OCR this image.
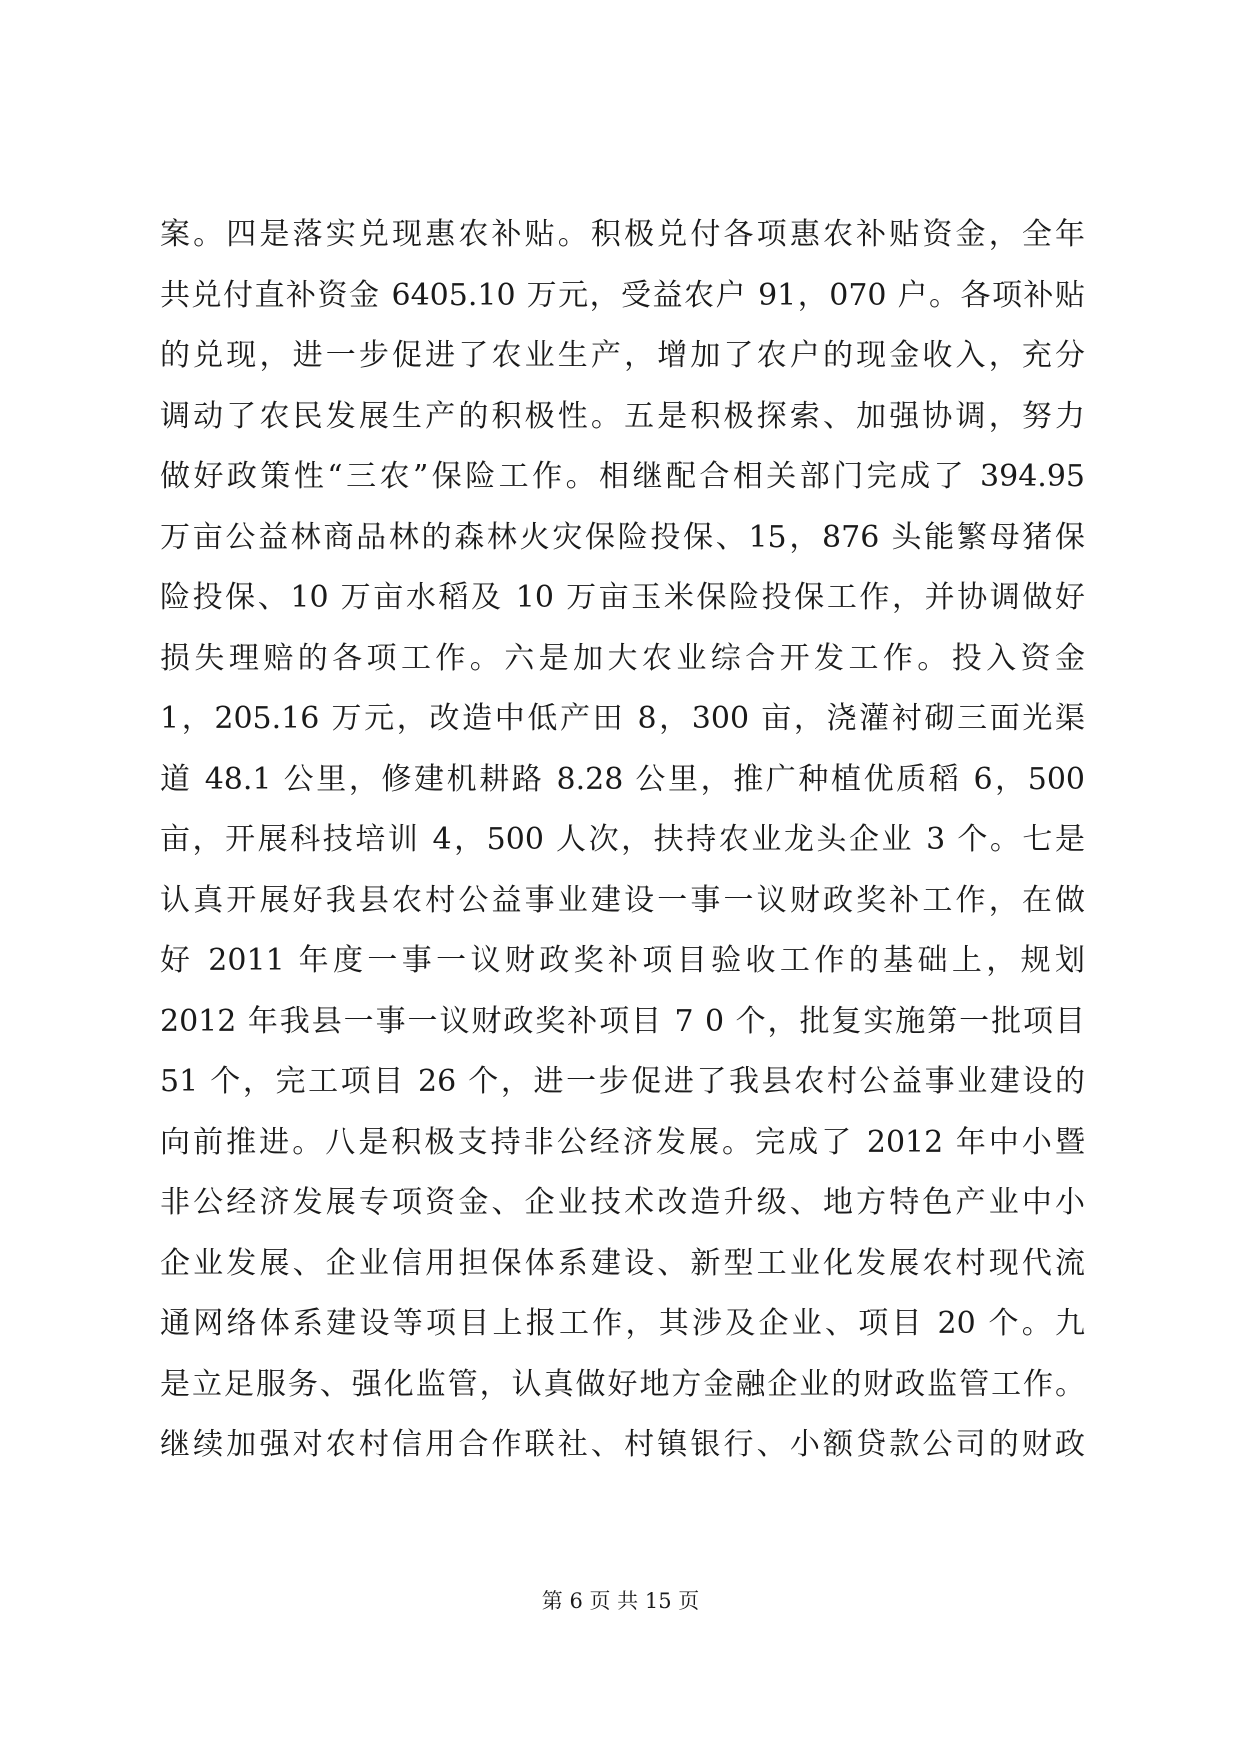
案。四是落实兑现惠农补贴。积极兑付各项惠农补贴资金，全年
共兑付直补资金 6405.10 万元，受益农户 91，070 户。各项补贴
的兑现，进一步促进了农业生产，增加了农户的现金收入，充分
调动了农民发展生产的积极性。五是积极探索、加强协调，努力
做好政策性“三农”保险工作。相继配合相关部门完成了 394.95
万亩公益林商品林的森林火灾保险投保、15，876 头能繁母猪保
险投保、10 万亩水稻及 10 万亩玉米保险投保工作，并协调做好
损失理赔的各项工作。六是加大农业综合开发工作。投入资金
1，205.16 万元，改造中低产田 8，300 亩，浇灌衬砌三面光渠
道 48.1 公里，修建机耕路 8.28 公里，推广种植优质稻 6，500
亩，开展科技培训 4，500 人次，扶持农业龙头企业 3 个。七是
认真开展好我县农村公益事业建设一事一议财政奖补工作，在做
好 2011 年度一事一议财政奖补项目验收工作的基础上，规划
2012 年我县一事一议财政奖补项目 7 0 个，批复实施第一批项目
51 个，完工项目 26 个，进一步促进了我县农村公益事业建设的
向前推进。八是积极支持非公经济发展。完成了 2012 年中小暨
非公经济发展专项资金、企业技术改造升级、地方特色产业中小
企业发展、企业信用担保体系建设、新型工业化发展农村现代流
通网络体系建设等项目上报工作，其涉及企业、项目 20 个。九
是立足服务、强化监管，认真做好地方金融企业的财政监管工作。
继续加强对农村信用合作联社、村镇银行、小额贷款公司的财政
第 6 页 共 15 页
